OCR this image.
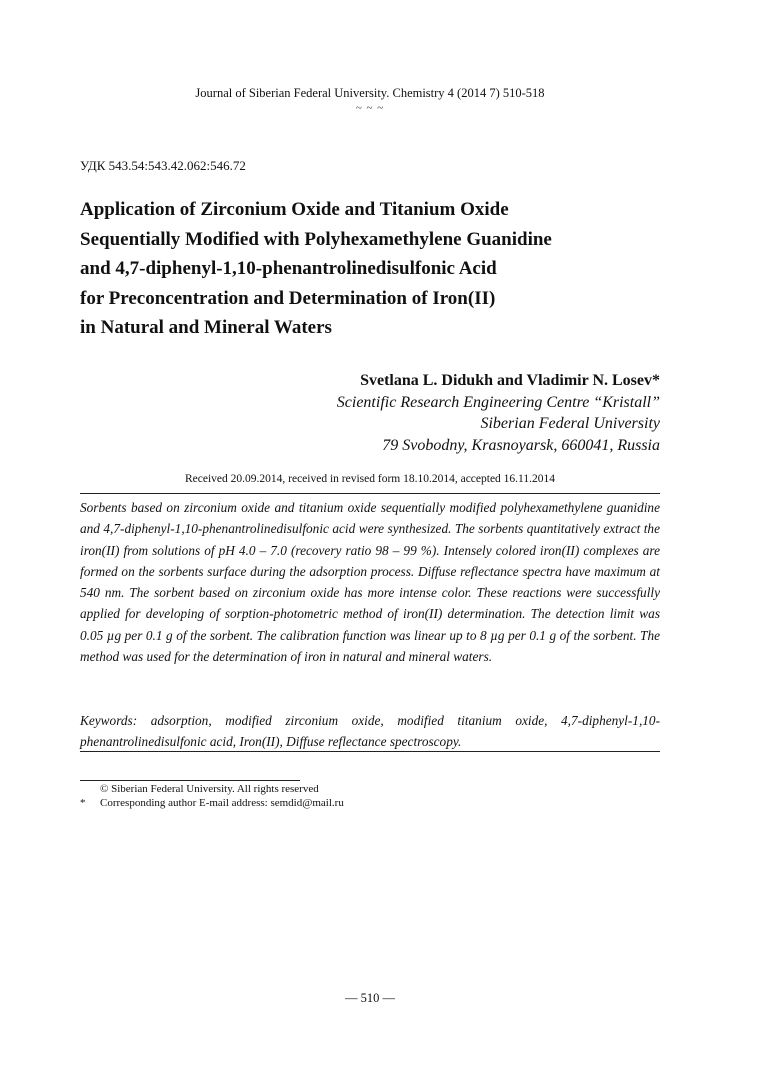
Journal of Siberian Federal University. Chemistry 4 (2014 7) 510-518
~ ~ ~
УДК 543.54:543.42.062:546.72
Application of Zirconium Oxide and Titanium Oxide
Sequentially Modified with Polyhexamethylene Guanidine
and 4,7-diphenyl-1,10-phenantrolinedisulfonic Acid
for Preconcentration and Determination of Iron(II)
in Natural and Mineral Waters
Svetlana L. Didukh and Vladimir N. Losev*
Scientific Research Engineering Centre “Kristall”
Siberian Federal University
79 Svobodny, Krasnoyarsk, 660041, Russia
Received 20.09.2014, received in revised form 18.10.2014, accepted 16.11.2014
Sorbents based on zirconium oxide and titanium oxide sequentially modified polyhexamethylene guanidine and 4,7-diphenyl-1,10-phenantrolinedisulfonic acid were synthesized. The sorbents quantitatively extract the iron(II) from solutions of pH 4.0 – 7.0 (recovery ratio 98 – 99 %). Intensely colored iron(II) complexes are formed on the sorbents surface during the adsorption process. Diffuse reflectance spectra have maximum at 540 nm. The sorbent based on zirconium oxide has more intense color. These reactions were successfully applied for developing of sorption-photometric method of iron(II) determination. The detection limit was 0.05 µg per 0.1 g of the sorbent. The calibration function was linear up to 8 µg per 0.1 g of the sorbent. The method was used for the determination of iron in natural and mineral waters.
Keywords: adsorption, modified zirconium oxide, modified titanium oxide, 4,7-diphenyl-1,10-phenantrolinedisulfonic acid, Iron(II), Diffuse reflectance spectroscopy.
© Siberian Federal University. All rights reserved
* Corresponding author E-mail address: semdid@mail.ru
— 510 —
